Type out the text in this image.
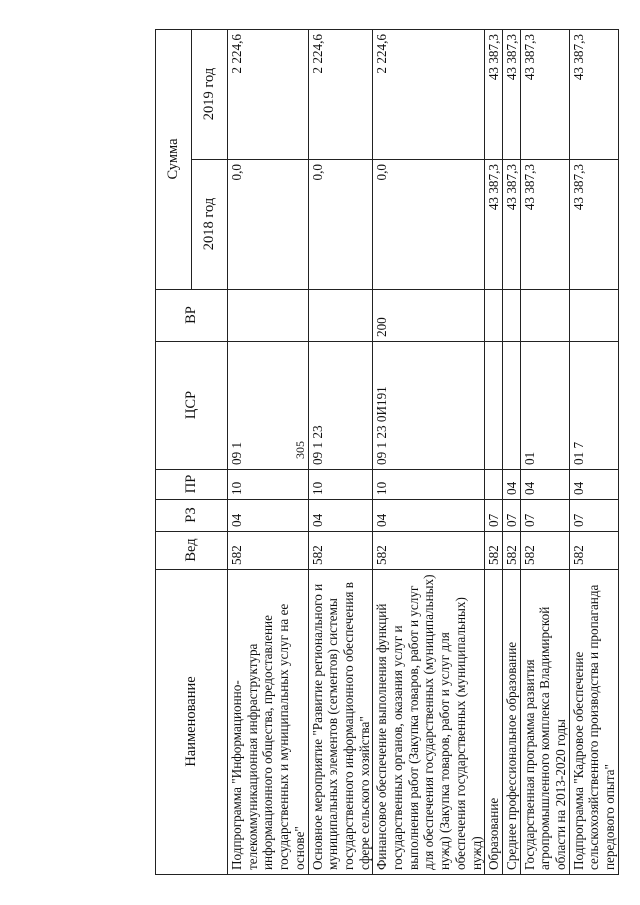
305
Наименование	Вед	РЗ	ПР	ЦСР	ВР	Сумма	
						2018 год	2019 год
Подпрограмма "Информационно-телекоммуникационная инфраструктура информационного общества, предоставление государственных и муниципальных услуг на ее основе"	582	04	10	09 1		0,0	2 224,6
Основное мероприятие "Развитие регионального и муниципальных элементов (сегментов) системы государственного информационного обеспечения в сфере сельского хозяйства"	582	04	10	09 1 23		0,0	2 224,6
Финансовое обеспечение выполнения функций государственных органов, оказания услуг и выполнения работ (Закупка товаров, работ и услуг для обеспечения государственных (муниципальных) нужд) (Закупка товаров, работ и услуг для обеспечения государственных (муниципальных) нужд)	582	04	10	09 1 23 0И191	200	0,0	2 224,6
Образование	582	07				43 387,3	43 387,3
Среднее профессиональное образование	582	07	04			43 387,3	43 387,3
Государственная программа развития агропромышленного комплекса Владимирской области на 2013-2020 годы	582	07	04	01		43 387,3	43 387,3
Подпрограмма "Кадровое обеспечение сельскохозяйственного производства и пропаганда передового опыта"	582	07	04	01 7		43 387,3	43 387,3
